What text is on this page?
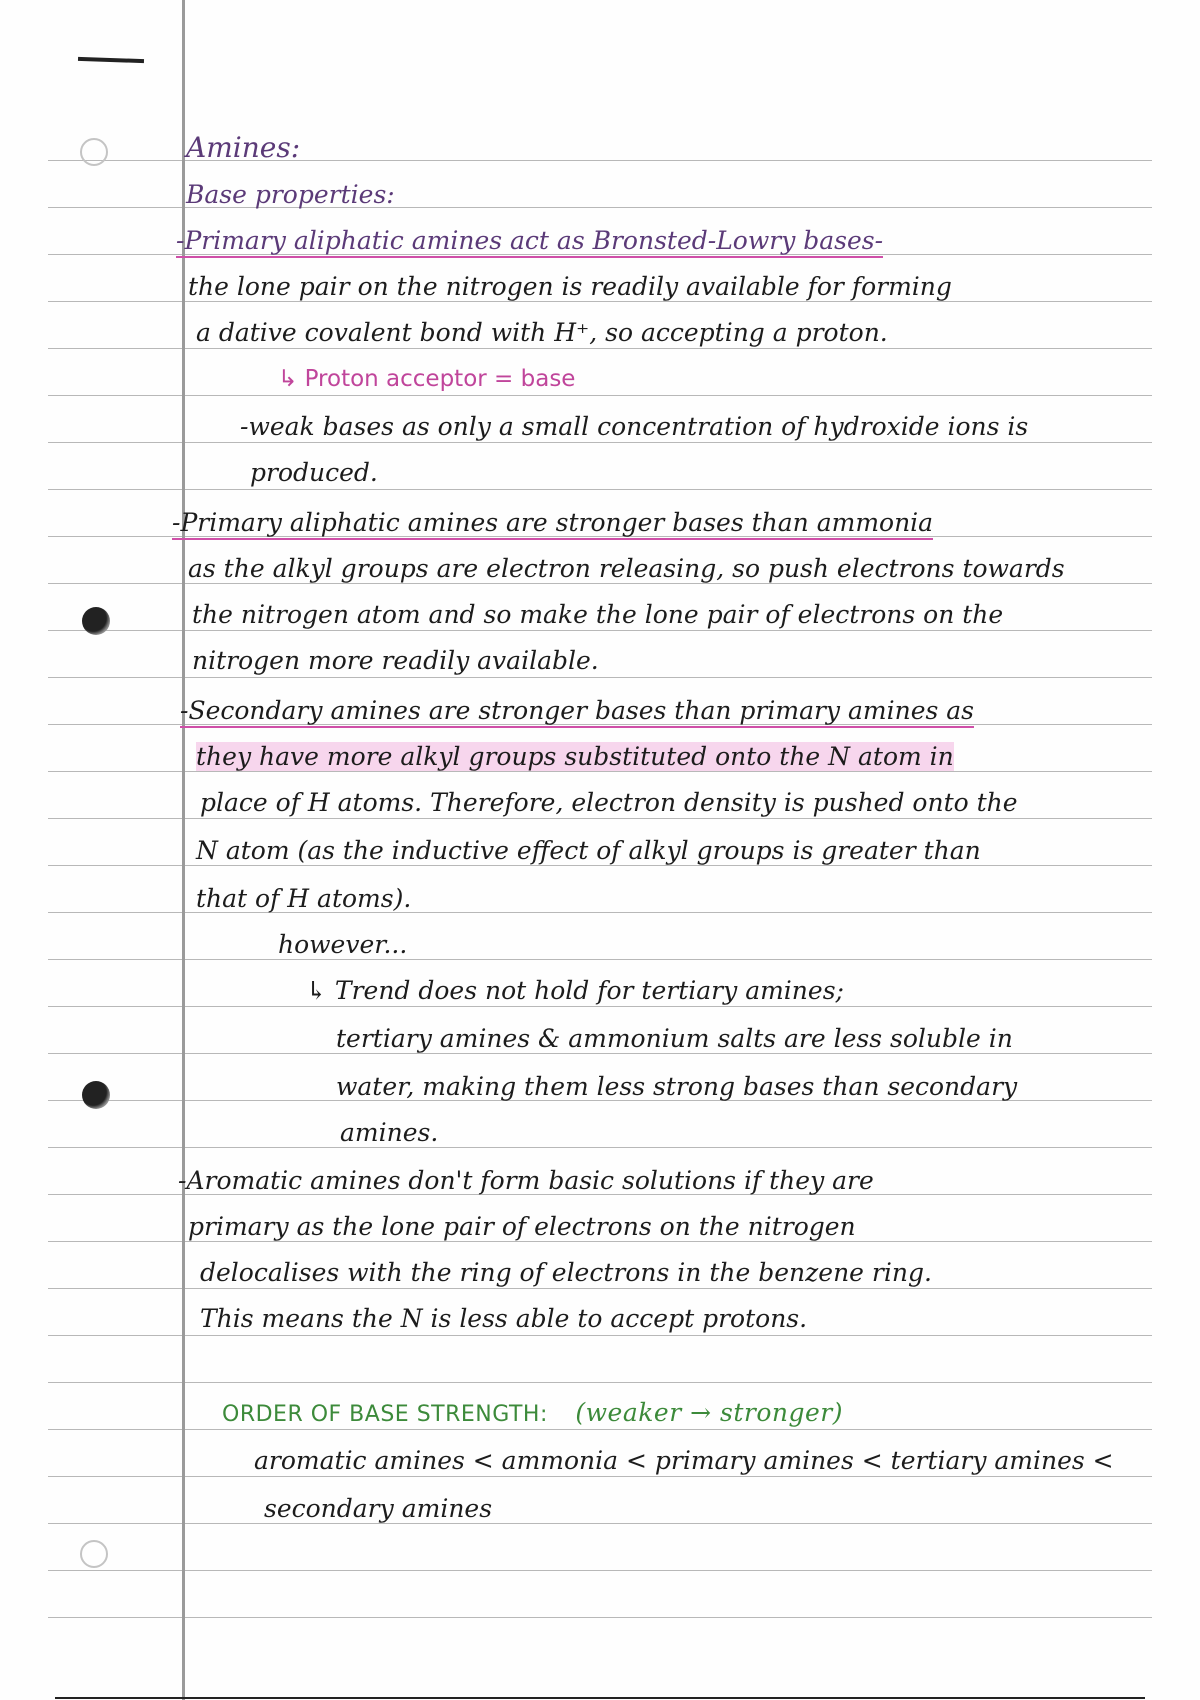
Amines:
Base properties:
-Primary aliphatic amines act as Bronsted-Lowry bases-
the lone pair on the nitrogen is readily available for forming
a dative covalent bond with H⁺, so accepting a proton.
↳ Proton acceptor = base
-weak bases as only a small concentration of hydroxide ions is
produced.
-Primary aliphatic amines are stronger bases than ammonia
as the alkyl groups are electron releasing, so push electrons towards
the nitrogen atom and so make the lone pair of electrons on the
nitrogen more readily available.
-Secondary amines are stronger bases than primary amines as
they have more alkyl groups substituted onto the N atom in
place of H atoms. Therefore, electron density is pushed onto the
N atom (as the inductive effect of alkyl groups is greater than
that of H atoms).
however...
↳ Trend does not hold for tertiary amines;
tertiary amines & ammonium salts are less soluble in
water, making them less strong bases than secondary
amines.
-Aromatic amines don't form basic solutions if they are
primary as the lone pair of electrons on the nitrogen
delocalises with the ring of electrons in the benzene ring.
This means the N is less able to accept protons.
ORDER OF BASE STRENGTH: (weaker → stronger)
aromatic amines < ammonia < primary amines < tertiary amines <
secondary amines
